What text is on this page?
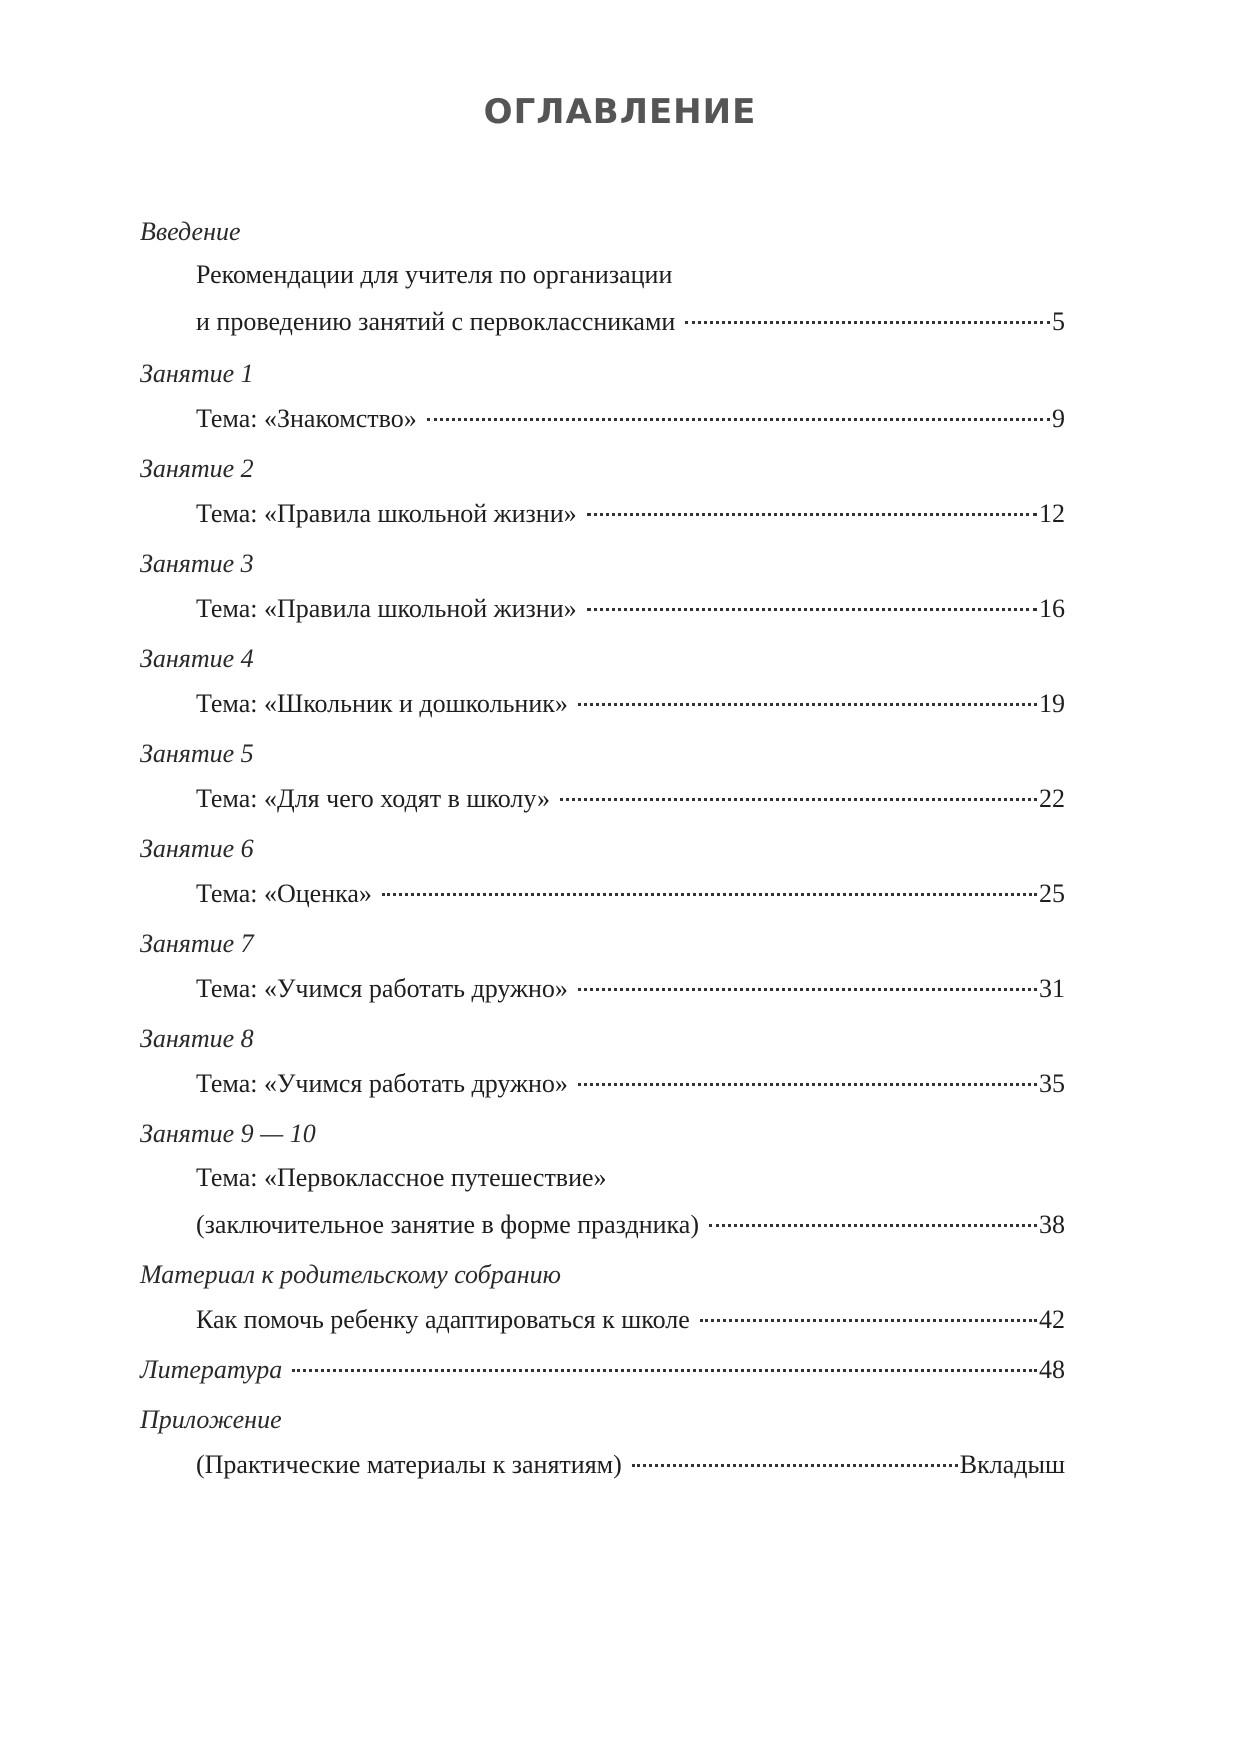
ОГЛАВЛЕНИЕ
Введение
Рекомендации для учителя по организации
и проведению занятий с первоклассниками	5
Занятие 1
Тема: «Знакомство»	9
Занятие 2
Тема: «Правила школьной жизни»	12
Занятие 3
Тема: «Правила школьной жизни»	16
Занятие 4
Тема: «Школьник и дошкольник»	19
Занятие 5
Тема: «Для чего ходят в школу»	22
Занятие 6
Тема: «Оценка»	25
Занятие 7
Тема: «Учимся работать дружно»	31
Занятие 8
Тема: «Учимся работать дружно»	35
Занятие 9 — 10
Тема: «Первоклассное путешествие»
(заключительное занятие в форме праздника)	38
Материал к родительскому собранию
Как помочь ребенку адаптироваться к школе	42
Литература	48
Приложение
(Практические материалы к занятиям)	Вкладыш
